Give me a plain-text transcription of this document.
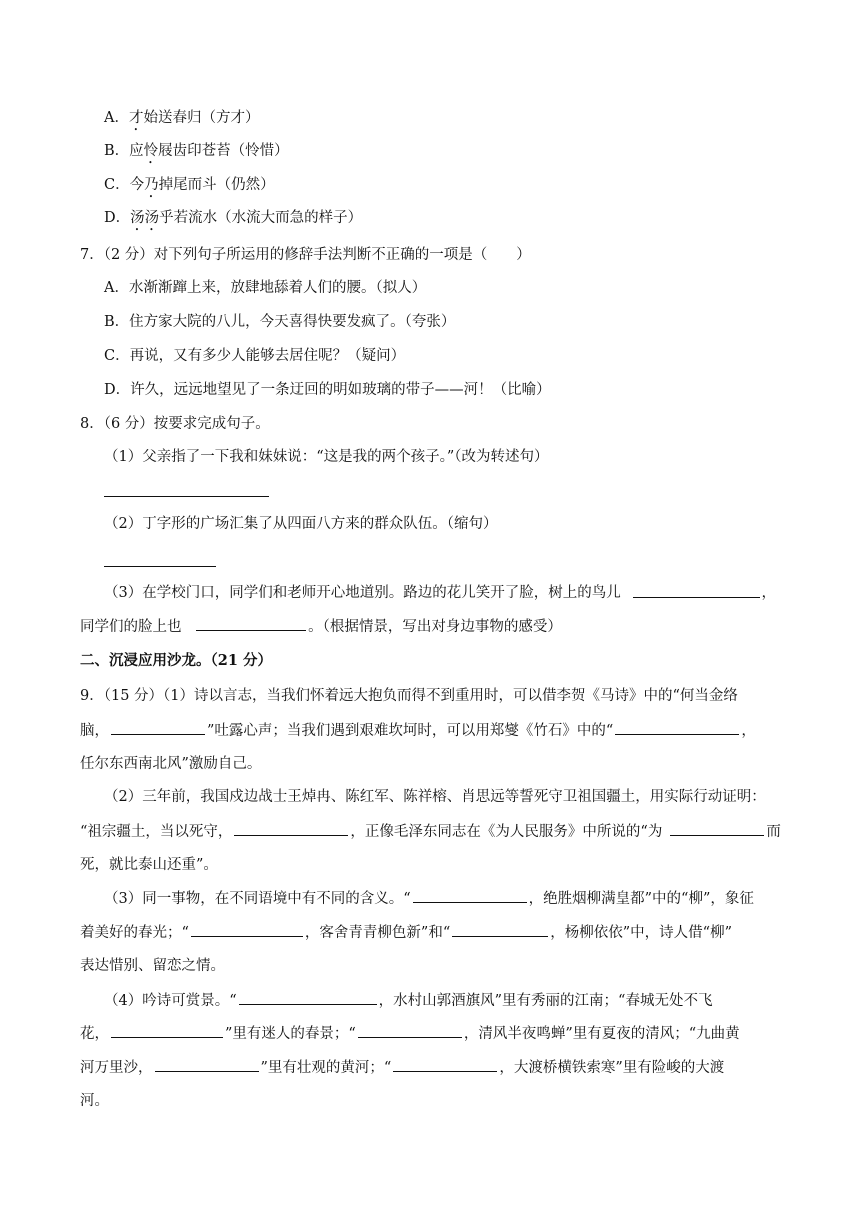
A．才始送春归（方才）
B．应怜屐齿印苍苔（怜惜）
C．今乃掉尾而斗（仍然）
D．汤汤乎若流水（水流大而急的样子）
7．（2 分）对下列句子所运用的修辞手法判断不正确的一项是（　　）
A．水渐渐蹿上来，放肆地舔着人们的腰。（拟人）
B．住方家大院的八儿，今天喜得快要发疯了。（夸张）
C．再说，又有多少人能够去居住呢？（疑问）
D．许久，远远地望见了一条迂回的明如玻璃的带子——河！（比喻）
8．（6 分）按要求完成句子。
（1）父亲指了一下我和妹妹说：“这是我的两个孩子。”（改为转述句）
（2）丁字形的广场汇集了从四面八方来的群众队伍。（缩句）
（3）在学校门口，同学们和老师开心地道别。路边的花儿笑开了脸，树上的鸟儿	，
同学们的脸上也	。（根据情景，写出对身边事物的感受）
二、沉浸应用沙龙。（21 分）
9．（15 分）（1）诗以言志，当我们怀着远大抱负而得不到重用时，可以借李贺《马诗》中的“何当金络
脑，	”吐露心声；当我们遇到艰难坎坷时，可以用郑燮《竹石》中的“	，
任尔东西南北风”激励自己。
（2）三年前，我国戍边战士王焯冉、陈红军、陈祥榕、肖思远等誓死守卫祖国疆土，用实际行动证明：
“祖宗疆土，当以死守，	，正像毛泽东同志在《为人民服务》中所说的“为	而
死，就比泰山还重”。
（3）同一事物，在不同语境中有不同的含义。“	，绝胜烟柳满皇都”中的“柳”，象征
着美好的春光；“	，客舍青青柳色新”和“	，杨柳依依”中，诗人借“柳”
表达惜别、留恋之情。
（4）吟诗可赏景。“	，水村山郭酒旗风”里有秀丽的江南；“春城无处不飞
花，	”里有迷人的春景；“	，清风半夜鸣蝉”里有夏夜的清风；“九曲黄
河万里沙，	”里有壮观的黄河；“	，大渡桥横铁索寒”里有险峻的大渡
河。
